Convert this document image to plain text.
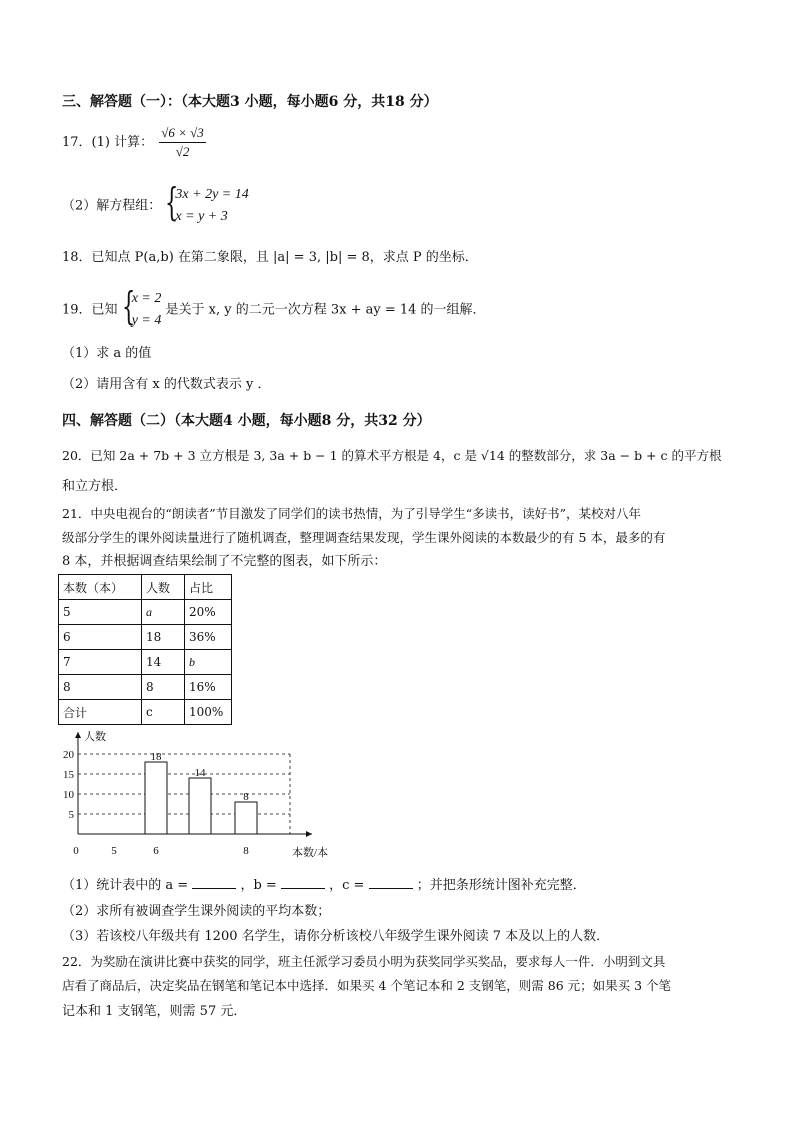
三、解答题（一）：（本大题3 小题，每小题6 分，共18 分）
17．(1) 计算： $\frac{√6 \times √3}{√2}$
（2）解方程组： {
3x + 2y = 14
x = y + 3
18．已知点 P(a,b) 在第二象限，且 |a| = 3, |b| = 8，求点 P 的坐标．
19．已知 {
x = 2
y = 4
是关于 x, y 的二元一次方程 3x + ay = 14 的一组解．
（1）求 a 的值
（2）请用含有 x 的代数式表示 y ．
四、解答题（二）（本大题4 小题，每小题8 分，共32 分）
20．已知 2a + 7b + 3 立方根是 3, 3a + b − 1 的算术平方根是 4，c 是 √14 的整数部分，求 3a − b + c 的平方根
和立方根．
21．中央电视台的“朗读者”节目激发了同学们的读书热情，为了引导学生“多读书，读好书”，某校对八年
级部分学生的课外阅读量进行了随机调查，整理调查结果发现，学生课外阅读的本数最少的有 5 本，最多的有
8 本，并根据调查结果绘制了不完整的图表，如下所示：
本数（本）	人数	占比
5	a	20%
6	18	36%
7	14	b
8	8	16%
合计	c	100%
5
10
15
20
人数
本数/本
0	5	6	8
18
14
8
（1）统计表中的 a =	，b =	，c =	；并把条形统计图补充完整．
（2）求所有被调查学生课外阅读的平均本数；
（3）若该校八年级共有 1200 名学生，请你分析该校八年级学生课外阅读 7 本及以上的人数．
22．为奖励在演讲比赛中获奖的同学，班主任派学习委员小明为获奖同学买奖品，要求每人一件．小明到文具
店看了商品后，决定奖品在钢笔和笔记本中选择．如果买 4 个笔记本和 2 支钢笔，则需 86 元；如果买 3 个笔
记本和 1 支钢笔，则需 57 元．
